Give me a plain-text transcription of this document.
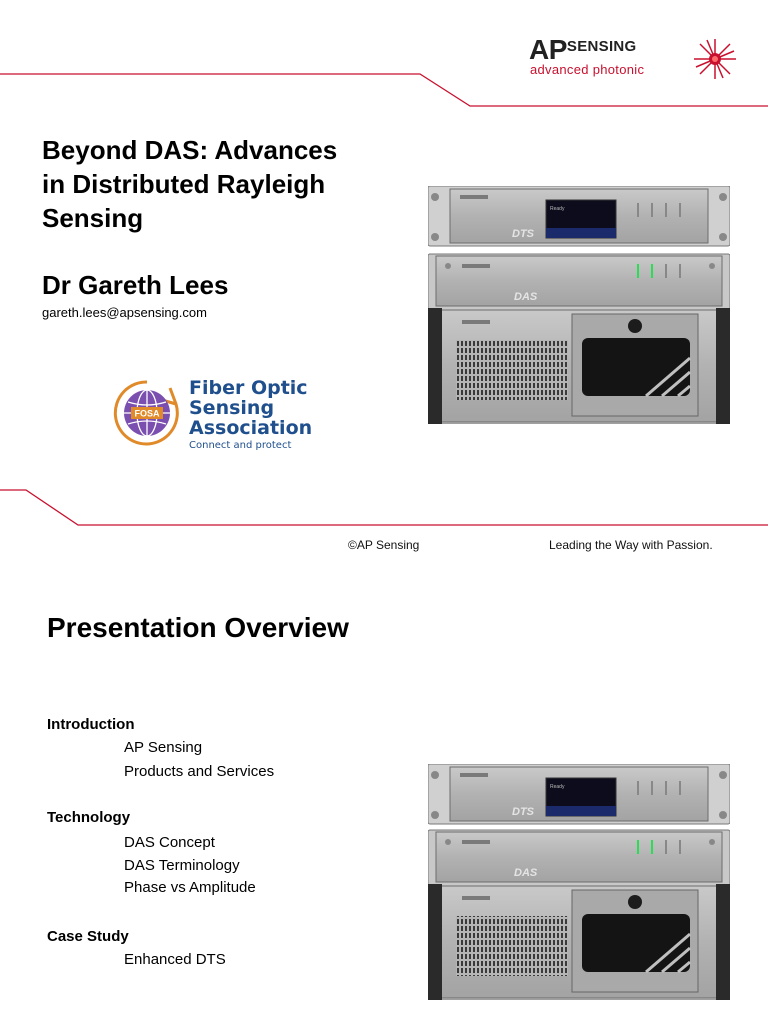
APSENSING
advanced photonic
Beyond DAS: Advances
in Distributed Rayleigh
Sensing
Dr Gareth Lees
gareth.lees@apsensing.com
FOSA
Fiber Optic
Sensing
Association
Connect and protect
Ready
DTS
DAS
©AP Sensing	Leading the Way with Passion.
Presentation Overview
Introduction
AP Sensing
Products and Services
Technology
DAS Concept
DAS Terminology
Phase vs Amplitude
Case Study
Enhanced DTS
Ready
DTS
DAS
